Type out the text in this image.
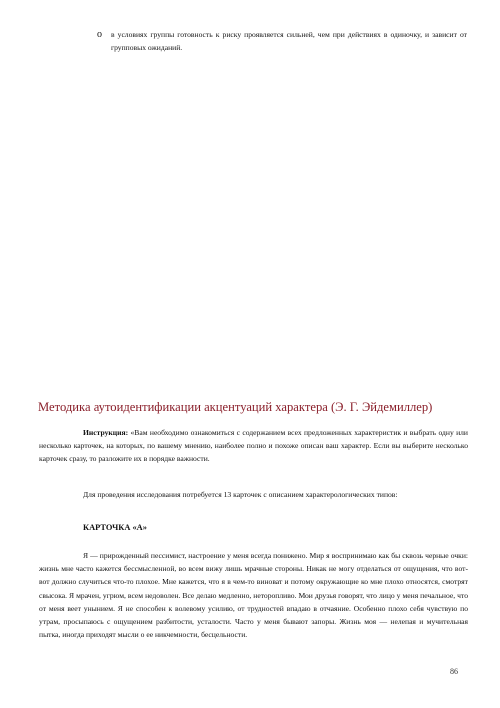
o	в условиях группы готовность к риску проявляется сильней, чем при действиях в одиночку, и зависит от групповых ожиданий.
Методика аутоидентификации акцентуаций характера (Э. Г. Эйдемиллер)
Инструкция: «Вам необходимо ознакомиться с содержанием всех предложенных характеристик и выбрать одну или несколько карточек, на которых, по вашему мнению, наиболее полно и похоже описан ваш характер. Если вы выберите несколько карточек сразу, то разложите их в порядке важности.
Для проведения исследования потребуется 13 карточек с описанием характерологических типов:
КАРТОЧКА «А»
Я — прирожденный пессимист, настроение у меня всегда понижено. Мир я воспринимаю как бы сквозь черные очки: жизнь мне часто кажется бессмысленной, во всем вижу лишь мрачные стороны. Никак не могу отделаться от ощущения, что вот-вот должно случиться что-то плохое. Мне кажется, что я в чем-то виноват и потому окружающие ко мне плохо относятся, смотрят свысока. Я мрачен, угрюм, всем недоволен. Все делаю медленно, неторопливо. Мои друзья говорят, что лицо у меня печальное, что от меня веет унынием. Я не способен к волевому усилию, от трудностей впадаю в отчаяние. Особенно плохо себя чувствую по утрам, просыпаюсь с ощущением разбитости, усталости. Часто у меня бывают запоры. Жизнь моя — нелепая и мучительная пытка, иногда приходят мысли о ее никчемности, бесцельности.
86
